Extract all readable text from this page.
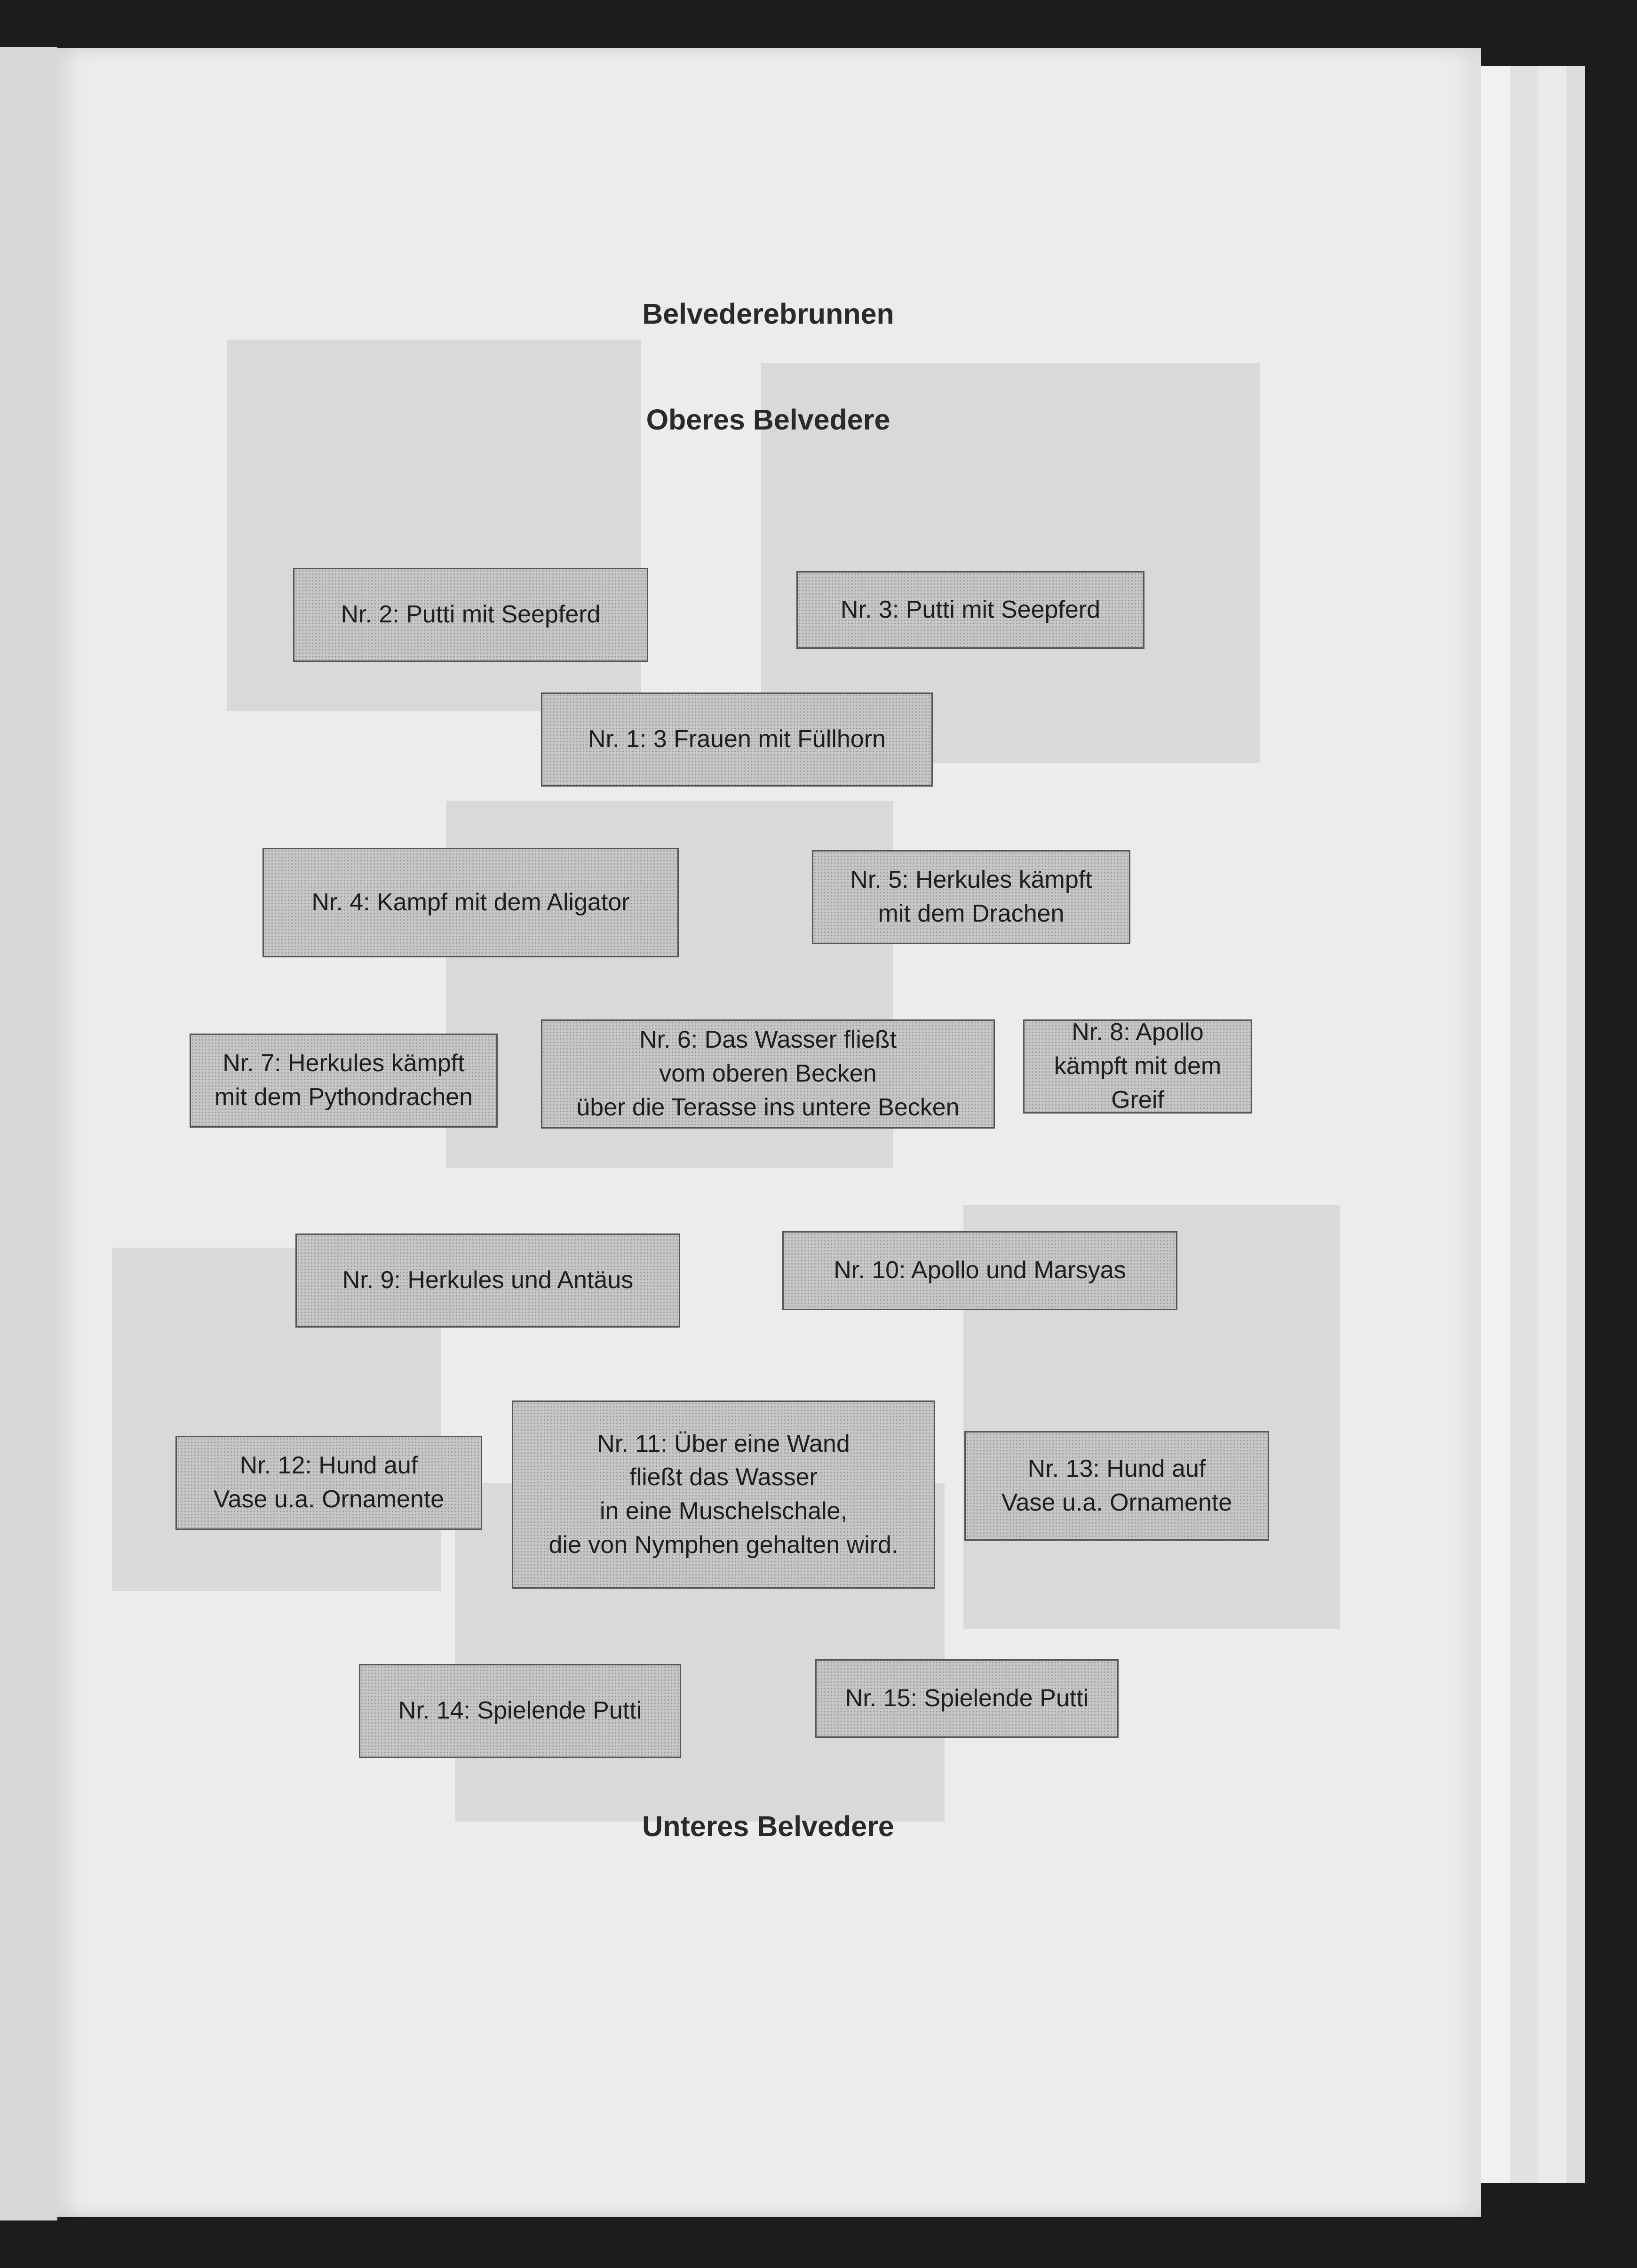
Belvederebrunnen
Oberes Belvedere
Unteres Belvedere
Nr. 2: Putti mit Seepferd	Nr. 3: Putti mit Seepferd
Nr. 1: 3 Frauen mit Füllhorn
Nr. 4: Kampf mit dem Aligator
Nr. 5: Herkules kämpft
mit dem Drachen
Nr. 7: Herkules kämpft
mit dem Pythondrachen
Nr. 6: Das Wasser fließt
vom oberen Becken
über die Terasse ins untere Becken
Nr. 8: Apollo
kämpft mit dem
Greif
Nr. 9: Herkules und Antäus	Nr. 10: Apollo und Marsyas
Nr. 12: Hund auf
Vase u.a. Ornamente
Nr. 11: Über eine Wand
fließt das Wasser
in eine Muschelschale,
die von Nymphen gehalten wird.
Nr. 13: Hund auf
Vase u.a. Ornamente
Nr. 14: Spielende Putti	Nr. 15: Spielende Putti
